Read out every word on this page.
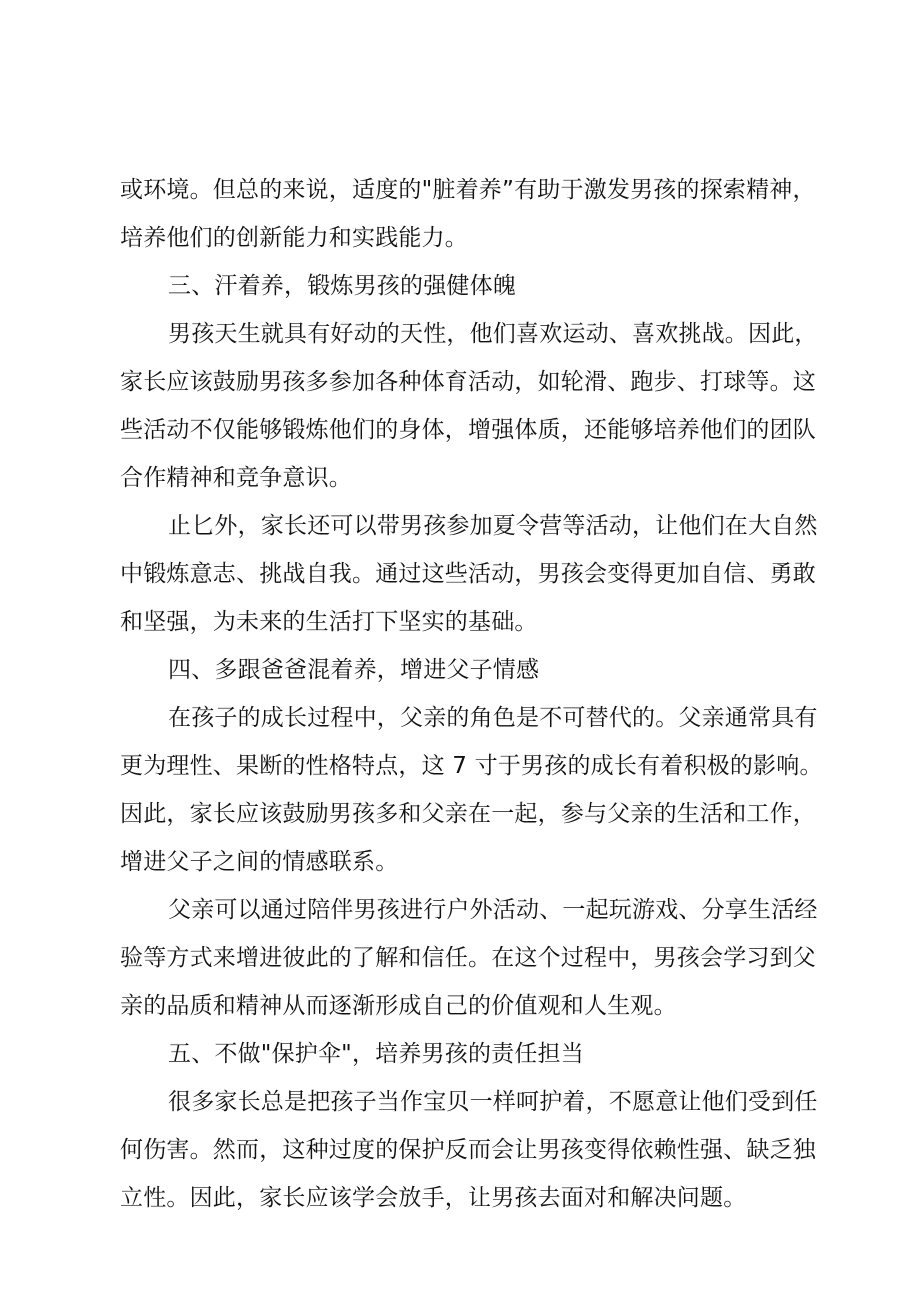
或环境。但总的来说，适度的"脏着养”有助于激发男孩的探索精神，
培养他们的创新能力和实践能力。
三、汗着养，锻炼男孩的强健体魄
男孩天生就具有好动的天性，他们喜欢运动、喜欢挑战。因此，
家长应该鼓励男孩多参加各种体育活动，如轮滑、跑步、打球等。这
些活动不仅能够锻炼他们的身体，增强体质，还能够培养他们的团队
合作精神和竞争意识。
止匕外，家长还可以带男孩参加夏令营等活动，让他们在大自然
中锻炼意志、挑战自我。通过这些活动，男孩会变得更加自信、勇敢
和坚强，为未来的生活打下坚实的基础。
四、多跟爸爸混着养，增进父子情感
在孩子的成长过程中，父亲的角色是不可替代的。父亲通常具有
更为理性、果断的性格特点，这 7 寸于男孩的成长有着积极的影响。
因此，家长应该鼓励男孩多和父亲在一起，参与父亲的生活和工作，
增进父子之间的情感联系。
父亲可以通过陪伴男孩进行户外活动、一起玩游戏、分享生活经
验等方式来增进彼此的了解和信任。在这个过程中，男孩会学习到父
亲的品质和精神从而逐渐形成自己的价值观和人生观。
五、不做"保护伞"，培养男孩的责任担当
很多家长总是把孩子当作宝贝一样呵护着，不愿意让他们受到任
何伤害。然而，这种过度的保护反而会让男孩变得依赖性强、缺乏独
立性。因此，家长应该学会放手，让男孩去面对和解决问题。
